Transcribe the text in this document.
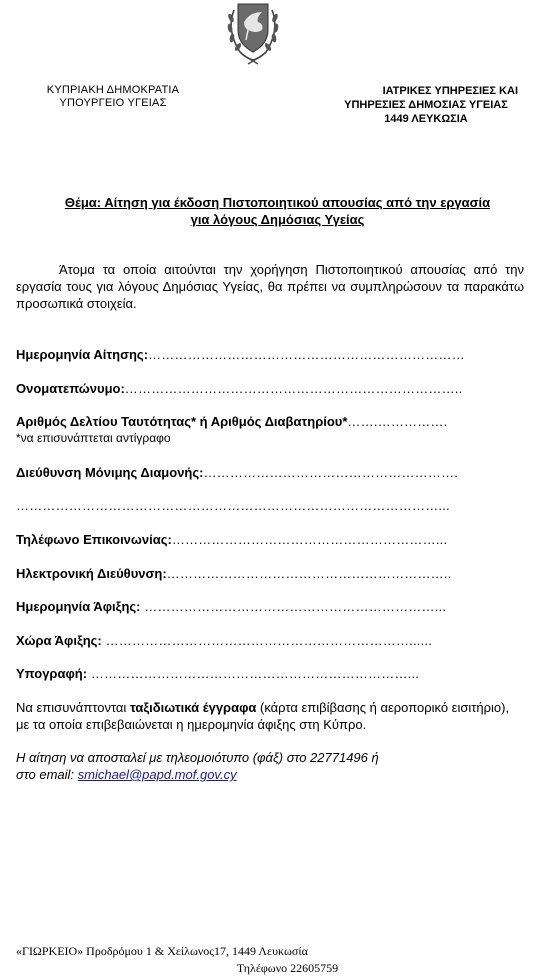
ΚΥΠΡΙΑΚΗ ΔΗΜΟΚΡΑΤΙΑ
ΥΠΟΥΡΓΕΙΟ ΥΓΕΙΑΣ
ΙΑΤΡΙΚΕΣ ΥΠΗΡΕΣΙΕΣ ΚΑΙ
ΥΠΗΡΕΣΙΕΣ ΔΗΜΟΣΙΑΣ ΥΓΕΙΑΣ
1449 ΛΕΥΚΩΣΙΑ
Θέμα: Αίτηση για έκδοση Πιστοποιητικού απουσίας από την εργασία
για λόγους Δημόσιας Υγείας
Άτομα τα οποία αιτούνται την χορήγηση Πιστοποιητικού απουσίας από την εργασία τους για λόγους Δημόσιας Υγείας, θα πρέπει να συμπληρώσουν τα παρακάτω προσωπικά στοιχεία.
Ημερομηνία Αίτησης:………………………………………………………………
Ονοματεπώνυμο:…………………………………………………………………..
Αριθμός Δελτίου Ταυτότητας* ή Αριθμός Διαβατηρίου*…….…………….
*να επισυνάπτεται αντίγραφο
Διεύθυνση Μόνιμης Διαμονής:………………………………………………….
……………………………………………………………………………………...
Τηλέφωνο Επικοινωνίας:……………………………………………………...
Ηλεκτρονική Διεύθυνση:………………………………………………………..
Ημερομηνία Άφιξης: …………………………………………………………...
Χώρα Άφιξης: ……………………………………………………………......
Υπογραφή: ………………………………………………………………...
Να επισυνάπτονται ταξιδιωτικά έγγραφα (κάρτα επιβίβασης ή αεροπορικό εισιτήριο), με τα οποία επιβεβαιώνεται η ημερομηνία άφιξης στη Κύπρο.
Η αίτηση να αποσταλεί με τηλεομοιότυπο (φάξ) στο 22771496 ή
στο email: smichael@papd.mof.gov.cy
«ΓΙΩΡΚΕΙΟ» Προδρόμου 1 & Χείλωνος17, 1449 Λευκωσία
Τηλέφωνο 22605759
